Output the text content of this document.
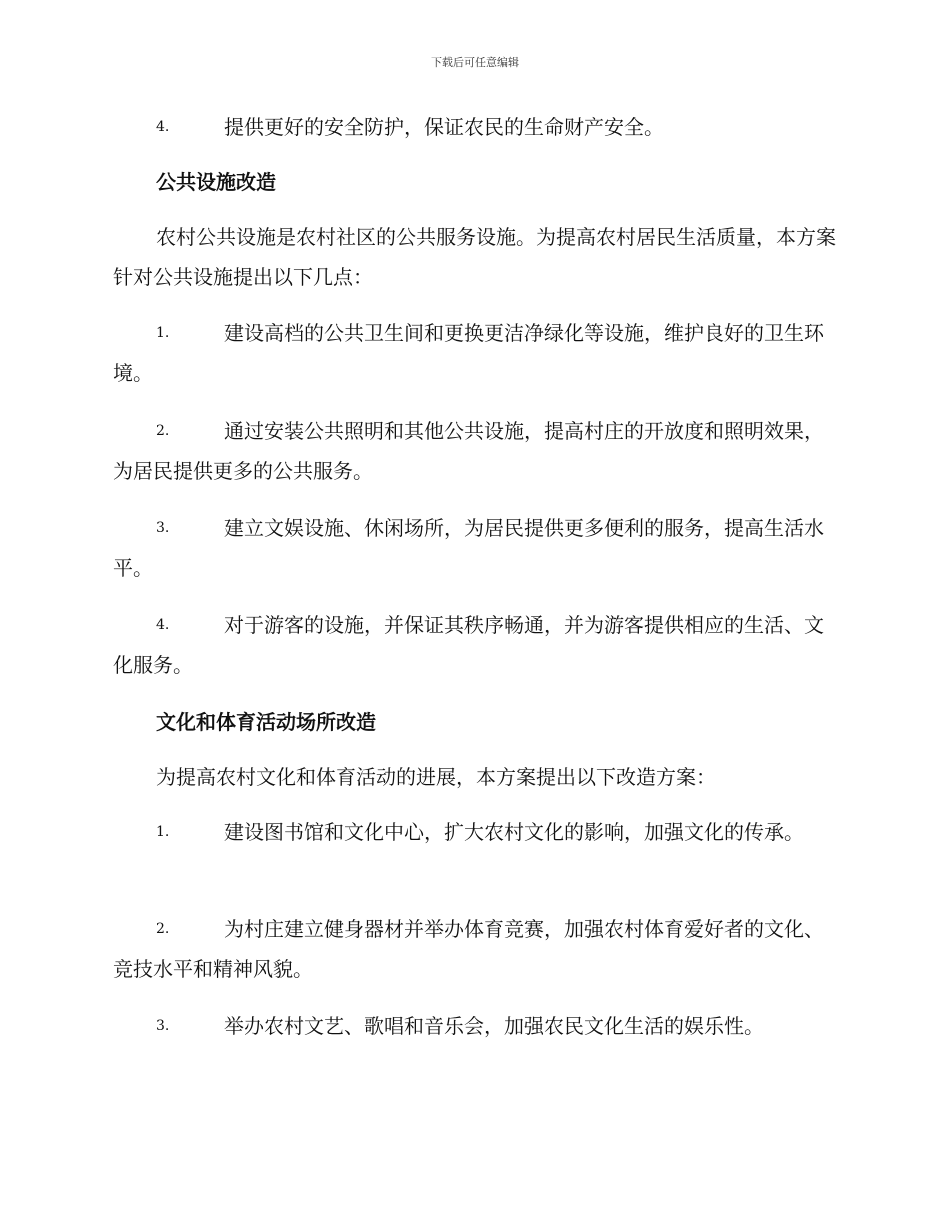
下载后可任意编辑
4.	提供更好的安全防护，保证农民的生命财产安全。
公共设施改造
农村公共设施是农村社区的公共服务设施。为提高农村居民生活质量，本方案针对公共设施提出以下几点：
1.	建设高档的公共卫生间和更换更洁净绿化等设施，维护良好的卫生环境。
2.	通过安装公共照明和其他公共设施，提高村庄的开放度和照明效果，为居民提供更多的公共服务。
3.	建立文娱设施、休闲场所，为居民提供更多便利的服务，提高生活水平。
4.	对于游客的设施，并保证其秩序畅通，并为游客提供相应的生活、文化服务。
文化和体育活动场所改造
为提高农村文化和体育活动的进展，本方案提出以下改造方案：
1.	建设图书馆和文化中心，扩大农村文化的影响，加强文化的传承。
2.	为村庄建立健身器材并举办体育竞赛，加强农村体育爱好者的文化、竞技水平和精神风貌。
3.	举办农村文艺、歌唱和音乐会，加强农民文化生活的娱乐性。
